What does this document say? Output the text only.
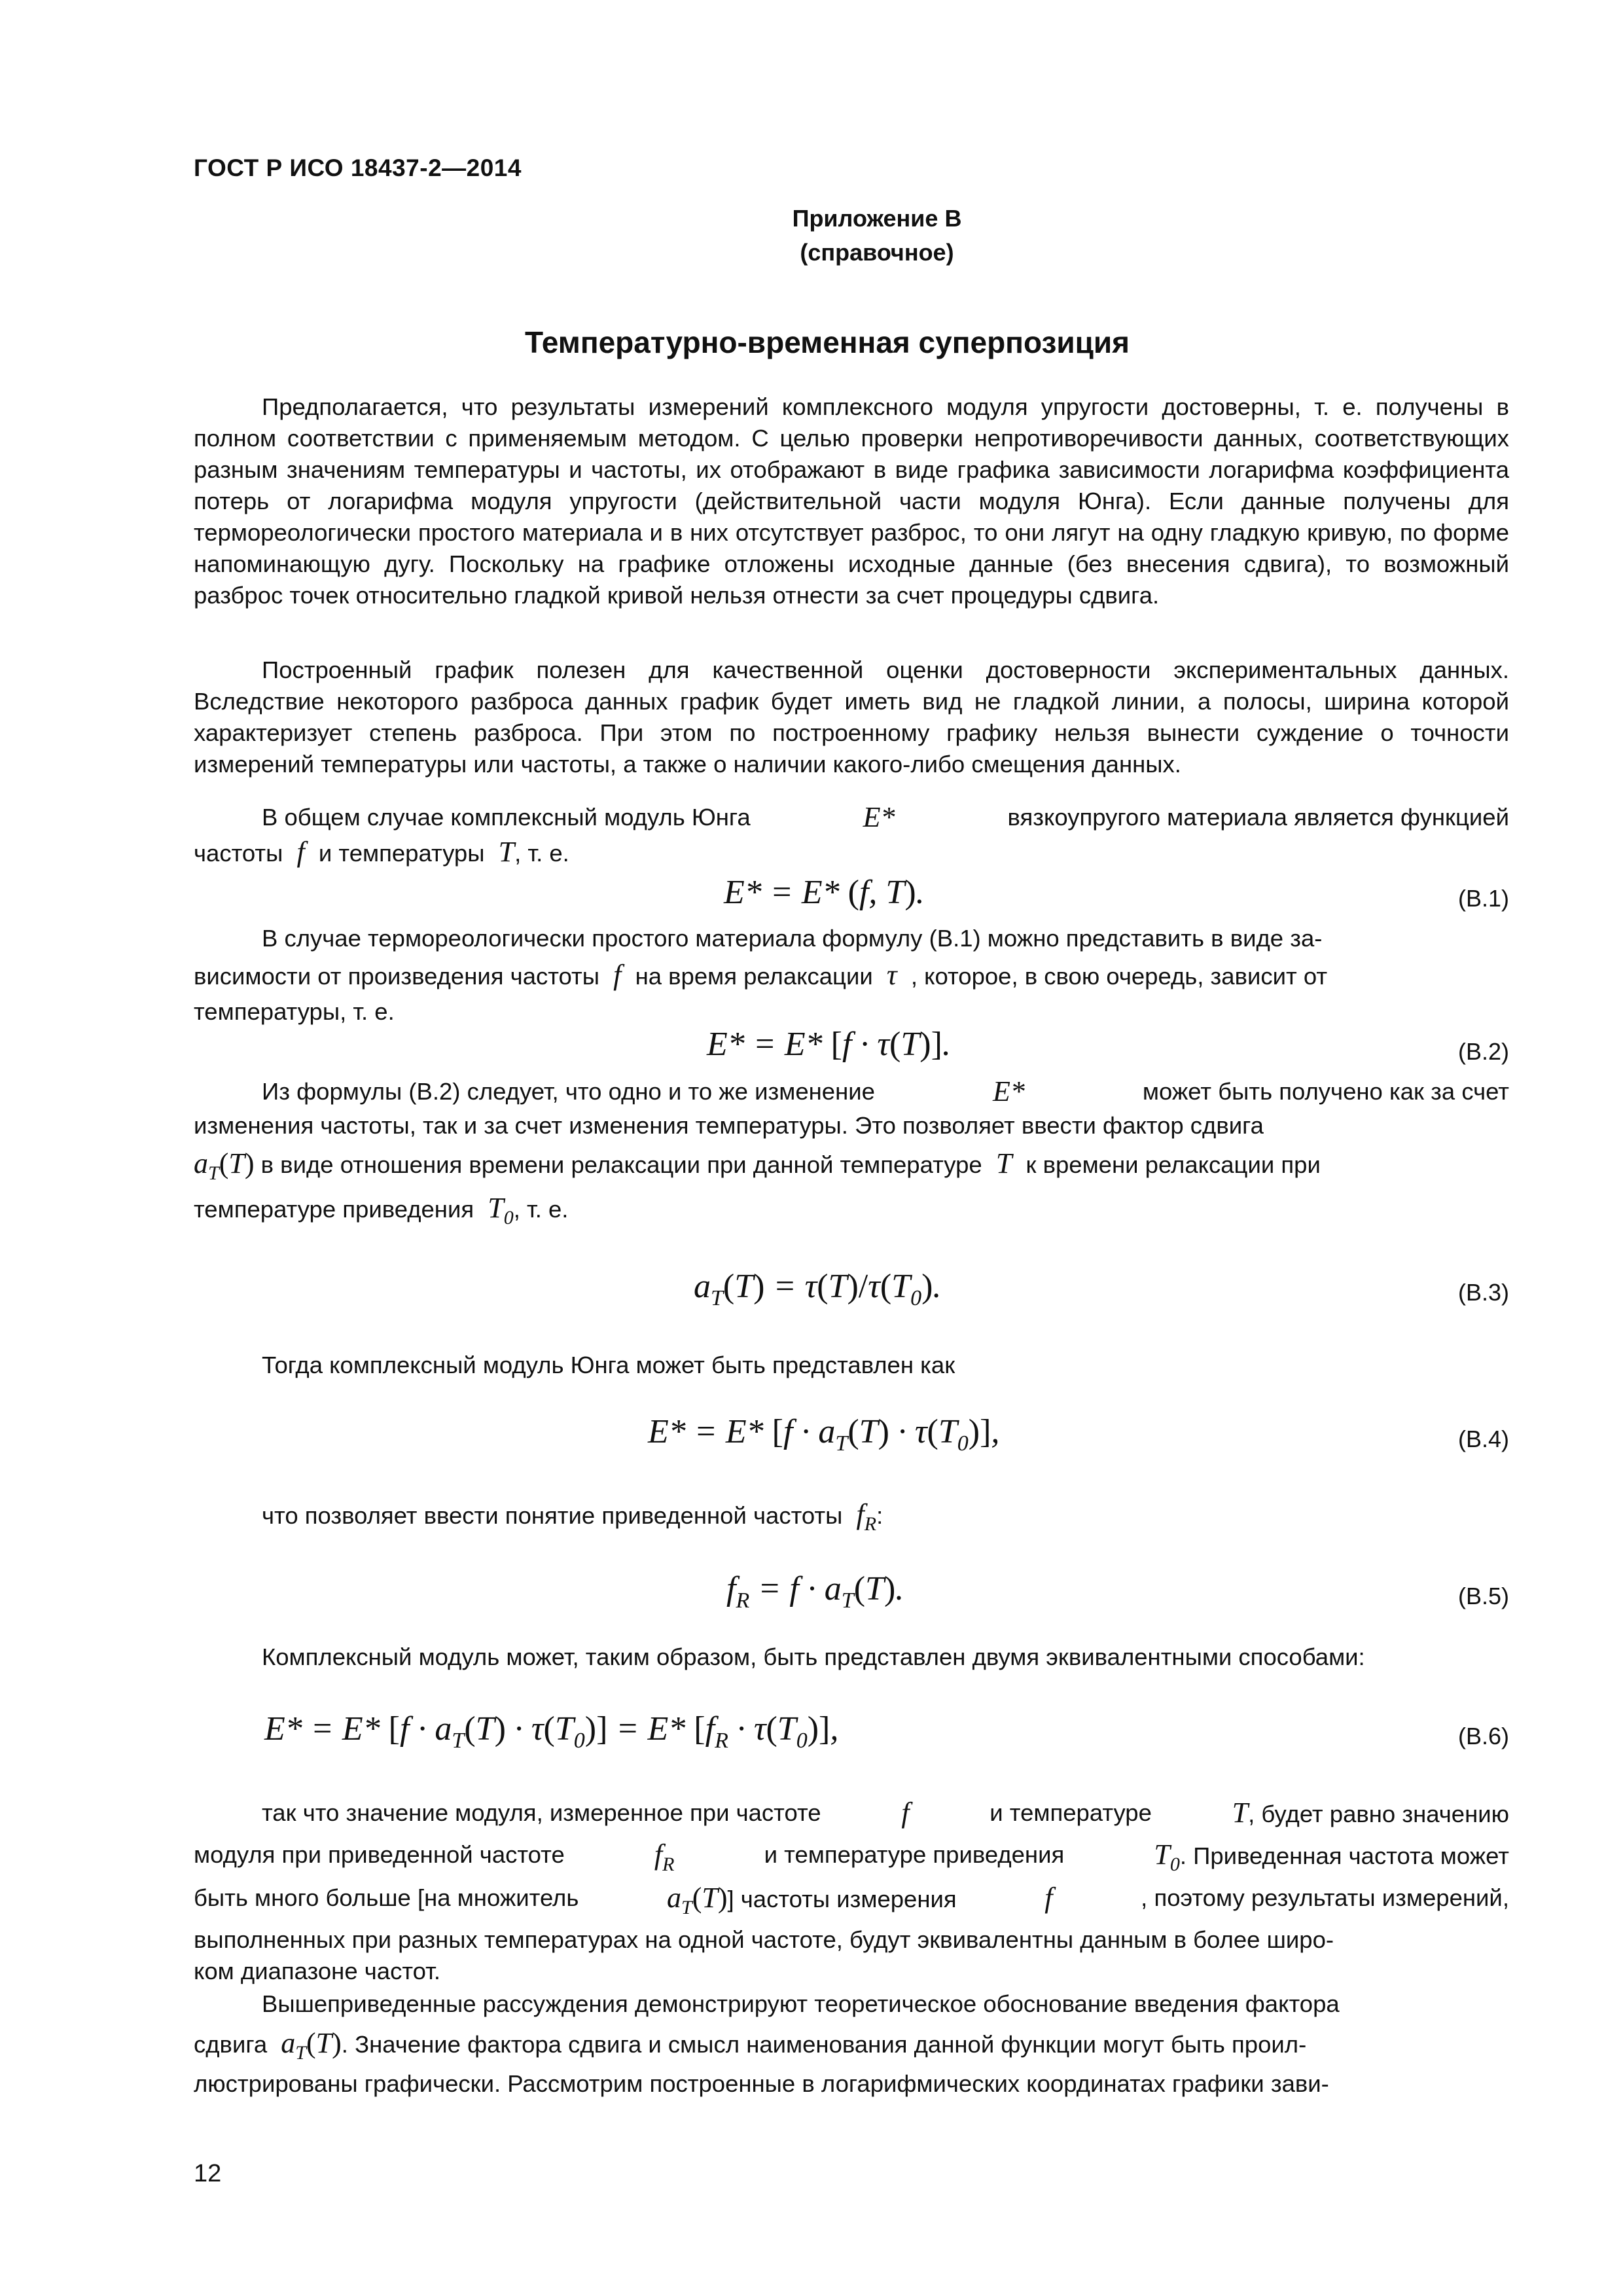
ГОСТ Р ИСО 18437-2—2014
Приложение В
(справочное)
Температурно-временная суперпозиция
Предполагается, что результаты измерений комплексного модуля упругости достоверны, т. е. получены в полном соответствии с применяемым методом. С целью проверки непротиворечивости данных, соответствующих разным значениям температуры и частоты, их отображают в виде графика зависимости логарифма коэффициента потерь от логарифма модуля упругости (действительной части модуля Юнга). Если данные получены для термореологически простого материала и в них отсутствует разброс, то они лягут на одну гладкую кривую, по форме напоминающую дугу. Поскольку на графике отложены исходные данные (без внесения сдвига), то возможный разброс точек относительно гладкой кривой нельзя отнести за счет процедуры сдвига.
Построенный график полезен для качественной оценки достоверности экспериментальных данных. Вследствие некоторого разброса данных график будет иметь вид не гладкой линии, а полосы, ширина которой характеризует степень разброса. При этом по построенному графику нельзя вынести суждение о точности измерений температуры или частоты, а также о наличии какого-либо смещения данных.
В общем случае комплексный модуль Юнга	E*	вязкоупругого материала является функцией
частоты  f  и температуры  T, т. е.
E* = E* (f, T).	(В.1)
В случае термореологически простого материала формулу (В.1) можно представить в виде за-
висимости от произведения частоты  f  на время релаксации  τ  , которое, в свою очередь, зависит от
температуры, т. е.
E* = E* [f · τ(T)].	(В.2)
Из формулы (В.2) следует, что одно и то же изменение	E*	может быть получено как за счет
изменения частоты, так и за счет изменения температуры. Это позволяет ввести фактор сдвига
$a_T(T)$ в виде отношения времени релаксации при данной температуре  T  к времени релаксации при
температуре приведения  $T_0$, т. е.
$a_T(T) = \tau(T)/\tau(T_0)$.	(В.3)
Тогда комплексный модуль Юнга может быть представлен как
E* = E* $[f \cdot a_T(T) \cdot \tau(T_0)]$,	(В.4)
что позволяет ввести понятие приведенной частоты  $f_R$:
$f_R = f \cdot a_T(T)$.	(В.5)
Комплексный модуль может, таким образом, быть представлен двумя эквивалентными способами:
E* = E* $[f \cdot a_T(T) \cdot \tau(T_0)] = E*$ $[f_R \cdot \tau(T_0)]$,	(В.6)
так что значение модуля, измеренное при частоте	f	и температуре	T, будет равно значению
модуля при приведенной частоте	$f_R$	и температуре приведения	$T_0$. Приведенная частота может
быть много больше [на множитель	$a_T(T)$] частоты измерения	f	, поэтому результаты измерений,
выполненных при разных температурах на одной частоте, будут эквивалентны данным в более широ-
ком диапазоне частот.
Вышеприведенные рассуждения демонстрируют теоретическое обоснование введения фактора
сдвига  $a_T(T)$. Значение фактора сдвига и смысл наименования данной функции могут быть проил-
люстрированы графически. Рассмотрим построенные в логарифмических координатах графики зави-
12
